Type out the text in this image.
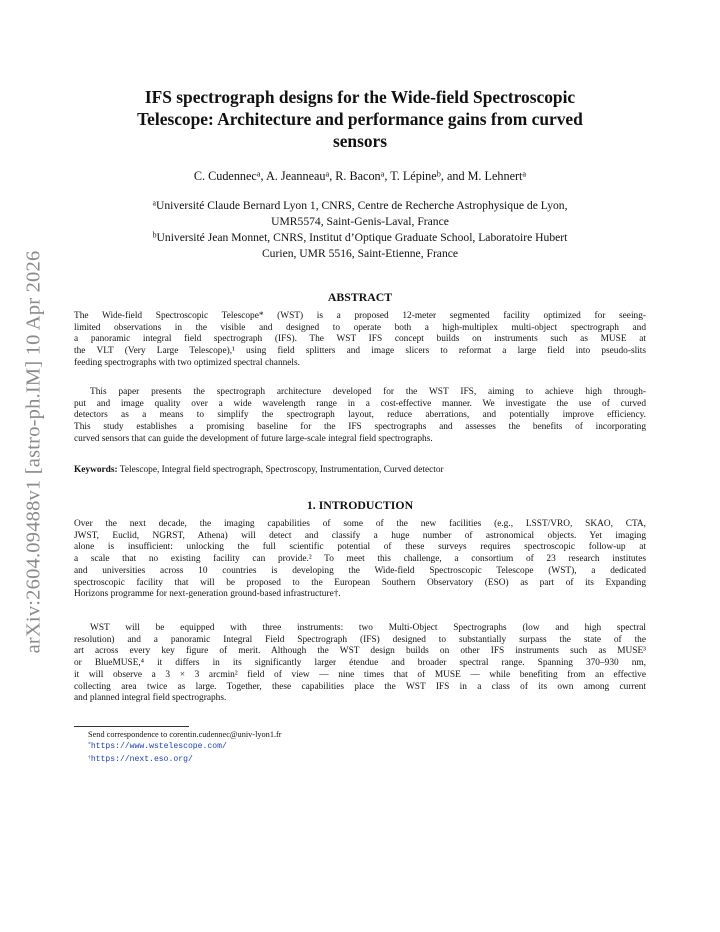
arXiv:2604.09488v1 [astro-ph.IM] 10 Apr 2026
IFS spectrograph designs for the Wide-field Spectroscopic
Telescope: Architecture and performance gains from curved
sensors
C. Cudennec$^a$, A. Jeanneau$^a$, R. Bacon$^a$, T. Lépine$^b$, and M. Lehnert$^a$
$^a$Université Claude Bernard Lyon 1, CNRS, Centre de Recherche Astrophysique de Lyon,
UMR5574, Saint-Genis-Laval, France
$^b$Université Jean Monnet, CNRS, Institut d’Optique Graduate School, Laboratoire Hubert
Curien, UMR 5516, Saint-Etienne, France
ABSTRACT
The Wide-field Spectroscopic Telescope* (WST) is a proposed 12-meter segmented facility optimized for seeing-
limited observations in the visible and designed to operate both a high-multiplex multi-object spectrograph and
a panoramic integral field spectrograph (IFS). The WST IFS concept builds on instruments such as MUSE at
the VLT (Very Large Telescope),¹ using field splitters and image slicers to reformat a large field into pseudo-slits
feeding spectrographs with two optimized spectral channels.
This paper presents the spectrograph architecture developed for the WST IFS, aiming to achieve high through-
put and image quality over a wide wavelength range in a cost-effective manner. We investigate the use of curved
detectors as a means to simplify the spectrograph layout, reduce aberrations, and potentially improve efficiency.
This study establishes a promising baseline for the IFS spectrographs and assesses the benefits of incorporating
curved sensors that can guide the development of future large-scale integral field spectrographs.
Keywords: Telescope, Integral field spectrograph, Spectroscopy, Instrumentation, Curved detector
1. INTRODUCTION
Over the next decade, the imaging capabilities of some of the new facilities (e.g., LSST/VRO, SKAO, CTA,
JWST, Euclid, NGRST, Athena) will detect and classify a huge number of astronomical objects. Yet imaging
alone is insufficient: unlocking the full scientific potential of these surveys requires spectroscopic follow-up at
a scale that no existing facility can provide.² To meet this challenge, a consortium of 23 research institutes
and universities across 10 countries is developing the Wide-field Spectroscopic Telescope (WST), a dedicated
spectroscopic facility that will be proposed to the European Southern Observatory (ESO) as part of its Expanding
Horizons programme for next-generation ground-based infrastructure†.
WST will be equipped with three instruments: two Multi-Object Spectrographs (low and high spectral
resolution) and a panoramic Integral Field Spectrograph (IFS) designed to substantially surpass the state of the
art across every key figure of merit. Although the WST design builds on other IFS instruments such as MUSE³
or BlueMUSE,⁴ it differs in its significantly larger étendue and broader spectral range. Spanning 370–930 nm,
it will observe a 3 × 3 arcmin² field of view — nine times that of MUSE — while benefiting from an effective
collecting area twice as large. Together, these capabilities place the WST IFS in a class of its own among current
and planned integral field spectrographs.
Send correspondence to corentin.cudennec@univ-lyon1.fr
*https://www.wstelescope.com/
†https://next.eso.org/
